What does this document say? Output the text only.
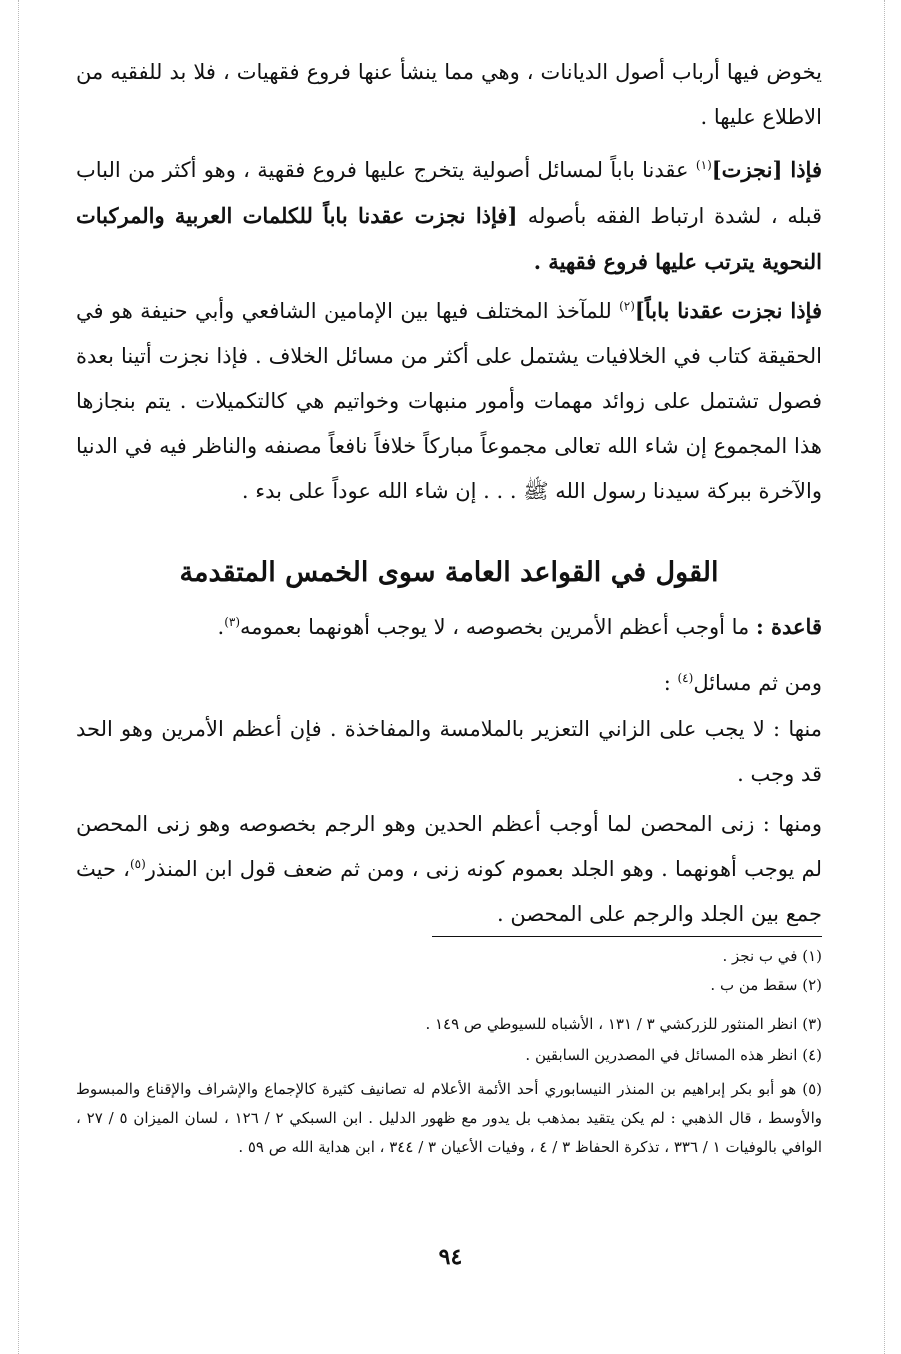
يخوض فيها أرباب أصول الديانات ، وهي مما ينشأ عنها فروع فقهيات ، فلا بد للفقيه من الاطلاع عليها .

فإذا [نجزت]$^{(١)}$ عقدنا باباً لمسائل أصولية يتخرج عليها فروع فقهية ، وهو أكثر من الباب قبله ، لشدة ارتباط الفقه بأصوله [فإذا نجزت عقدنا باباً للكلمات العربية والمركبات النحوية يترتب عليها فروع فقهية .

فإذا نجزت عقدنا باباً]$^{(٢)}$ للمآخذ المختلف فيها بين الإمامين الشافعي وأبي حنيفة هو في الحقيقة كتاب في الخلافيات يشتمل على أكثر من مسائل الخلاف . فإذا نجزت أتينا بعدة فصول تشتمل على زوائد مهمات وأمور منبهات وخواتيم هي كالتكميلات . يتم بنجازها هذا المجموع إن شاء الله تعالى مجموعاً مباركاً خلافاً نافعاً مصنفه والناظر فيه في الدنيا والآخرة ببركة سيدنا رسول الله ﷺ . . . إن شاء الله عوداً على بدء .

القول في القواعد العامة سوى الخمس المتقدمة

قاعدة : ما أوجب أعظم الأمرين بخصوصه ، لا يوجب أهونهما بعمومه$^{(٣)}$.

ومن ثم مسائل$^{(٤)}$ :

منها : لا يجب على الزاني التعزير بالملامسة والمفاخذة . فإن أعظم الأمرين وهو الحد قد وجب .

ومنها : زنى المحصن لما أوجب أعظم الحدين وهو الرجم بخصوصه وهو زنى المحصن لم يوجب أهونهما . وهو الجلد بعموم كونه زنى ، ومن ثم ضعف قول ابن المنذر$^{(٥)}$، حيث جمع بين الجلد والرجم على المحصن .

(١) في ب نجز .

(٢) سقط من ب .

(٣) انظر المنثور للزركشي ٣ / ١٣١ ، الأشباه للسيوطي ص ١٤٩ .

(٤) انظر هذه المسائل في المصدرين السابقين .

(٥) هو أبو بكر إبراهيم بن المنذر النيسابوري أحد الأئمة الأعلام له تصانيف كثيرة كالإجماع والإشراف والإقناع والمبسوط والأوسط ، قال الذهبي : لم يكن يتقيد بمذهب بل يدور مع ظهور الدليل . ابن السبكي ٢ / ١٢٦ ، لسان الميزان ٥ / ٢٧ ، الوافي بالوفيات ١ / ٣٣٦ ، تذكرة الحفاظ ٣ / ٤ ، وفيات الأعيان ٣ / ٣٤٤ ، ابن هداية الله ص ٥٩ .

٩٤
